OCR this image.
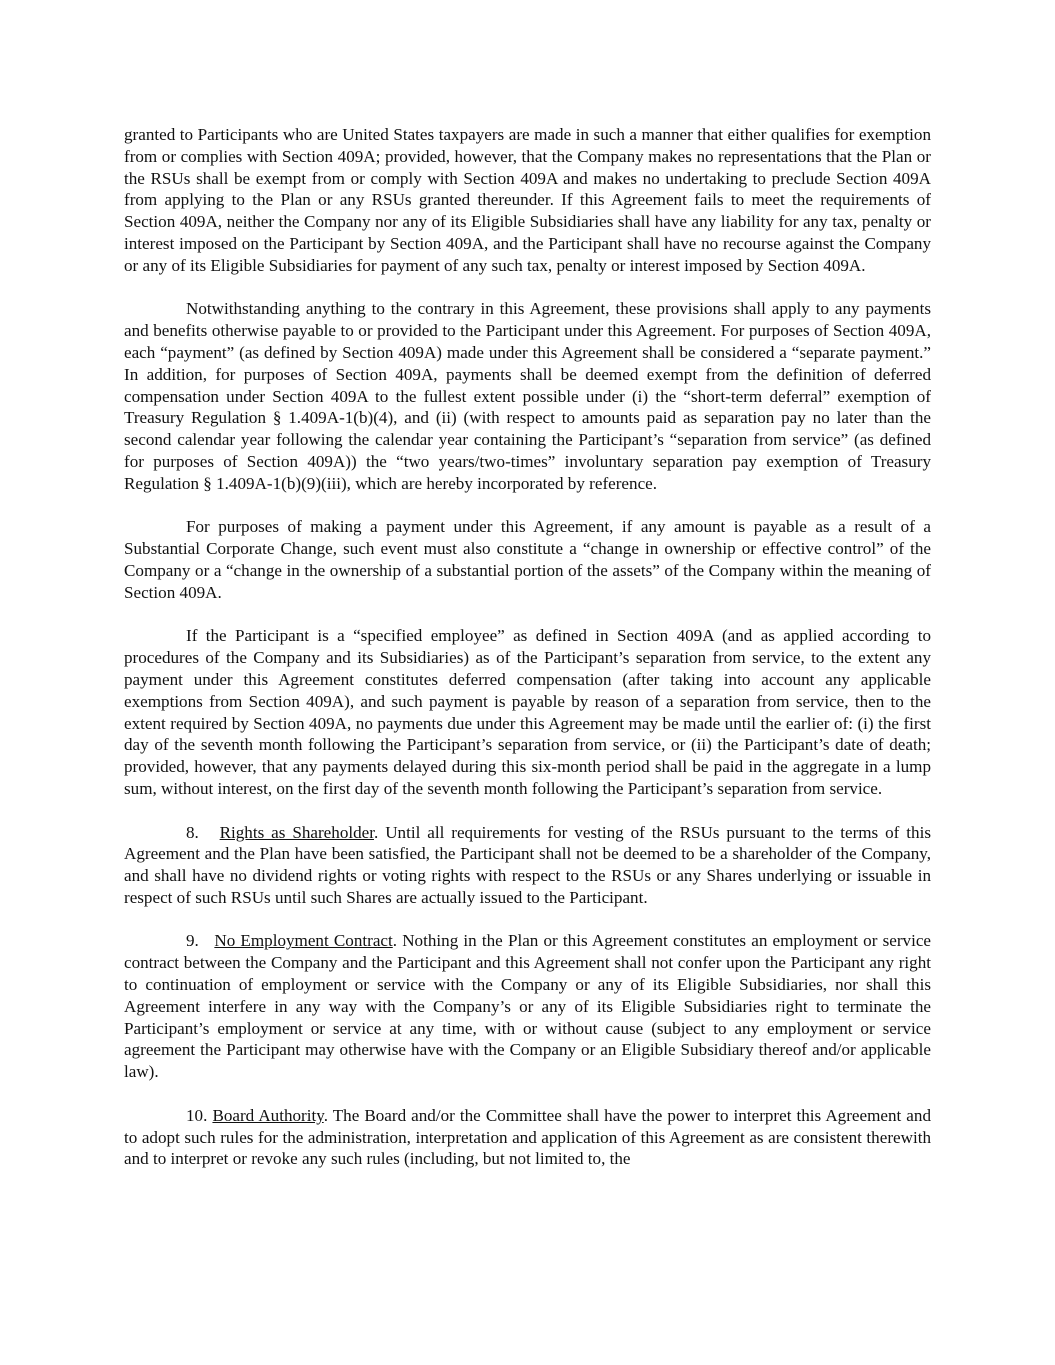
granted to Participants who are United States taxpayers are made in such a manner that either qualifies for exemption from or complies with Section 409A; provided, however, that the Company makes no representations that the Plan or the RSUs shall be exempt from or comply with Section 409A and makes no undertaking to preclude Section 409A from applying to the Plan or any RSUs granted thereunder. If this Agreement fails to meet the requirements of Section 409A, neither the Company nor any of its Eligible Subsidiaries shall have any liability for any tax, penalty or interest imposed on the Participant by Section 409A, and the Participant shall have no recourse against the Company or any of its Eligible Subsidiaries for payment of any such tax, penalty or interest imposed by Section 409A.

Notwithstanding anything to the contrary in this Agreement, these provisions shall apply to any payments and benefits otherwise payable to or provided to the Participant under this Agreement. For purposes of Section 409A, each “payment” (as defined by Section 409A) made under this Agreement shall be considered a “separate payment.” In addition, for purposes of Section 409A, payments shall be deemed exempt from the definition of deferred compensation under Section 409A to the fullest extent possible under (i) the “short-term deferral” exemption of Treasury Regulation § 1.409A-1(b)(4), and (ii) (with respect to amounts paid as separation pay no later than the second calendar year following the calendar year containing the Participant’s “separation from service” (as defined for purposes of Section 409A)) the “two years/two-times” involuntary separation pay exemption of Treasury Regulation § 1.409A-1(b)(9)(iii), which are hereby incorporated by reference.

For purposes of making a payment under this Agreement, if any amount is payable as a result of a Substantial Corporate Change, such event must also constitute a “change in ownership or effective control” of the Company or a “change in the ownership of a substantial portion of the assets” of the Company within the meaning of Section 409A.

If the Participant is a “specified employee” as defined in Section 409A (and as applied according to procedures of the Company and its Subsidiaries) as of the Participant’s separation from service, to the extent any payment under this Agreement constitutes deferred compensation (after taking into account any applicable exemptions from Section 409A), and such payment is payable by reason of a separation from service, then to the extent required by Section 409A, no payments due under this Agreement may be made until the earlier of: (i) the first day of the seventh month following the Participant’s separation from service, or (ii) the Participant’s date of death; provided, however, that any payments delayed during this six-month period shall be paid in the aggregate in a lump sum, without interest, on the first day of the seventh month following the Participant’s separation from service.

8. Rights as Shareholder. Until all requirements for vesting of the RSUs pursuant to the terms of this Agreement and the Plan have been satisfied, the Participant shall not be deemed to be a shareholder of the Company, and shall have no dividend rights or voting rights with respect to the RSUs or any Shares underlying or issuable in respect of such RSUs until such Shares are actually issued to the Participant.

9. No Employment Contract. Nothing in the Plan or this Agreement constitutes an employment or service contract between the Company and the Participant and this Agreement shall not confer upon the Participant any right to continuation of employment or service with the Company or any of its Eligible Subsidiaries, nor shall this Agreement interfere in any way with the Company’s or any of its Eligible Subsidiaries right to terminate the Participant’s employment or service at any time, with or without cause (subject to any employment or service agreement the Participant may otherwise have with the Company or an Eligible Subsidiary thereof and/or applicable law).

10. Board Authority. The Board and/or the Committee shall have the power to interpret this Agreement and to adopt such rules for the administration, interpretation and application of this Agreement as are consistent therewith and to interpret or revoke any such rules (including, but not limited to, the
